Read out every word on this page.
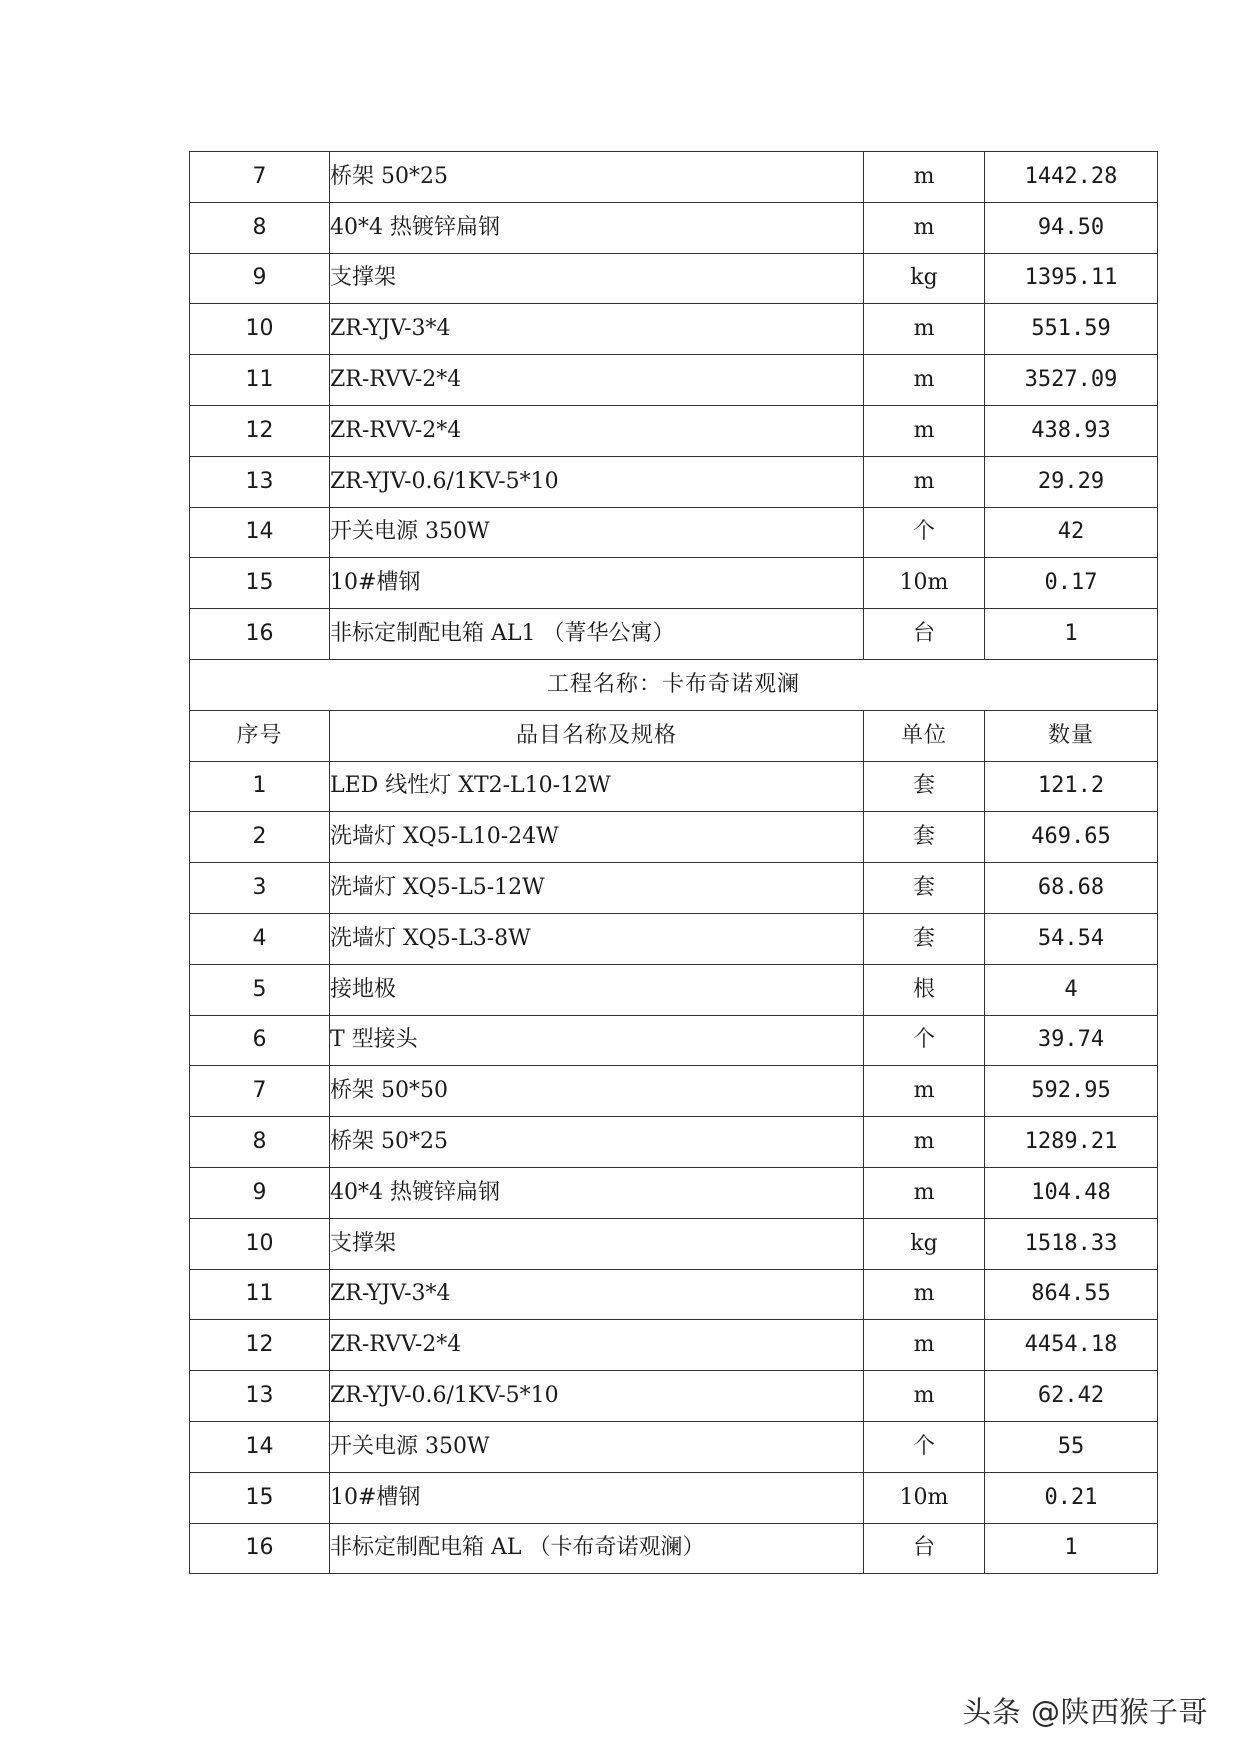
7	桥架 50*25	m	1442.28
8	40*4 热镀锌扁钢	m	94.50
9	支撑架	kg	1395.11
10	ZR-YJV-3*4	m	551.59
11	ZR-RVV-2*4	m	3527.09
12	ZR-RVV-2*4	m	438.93
13	ZR-YJV-0.6/1KV-5*10	m	29.29
14	开关电源 350W	个	42
15	10#槽钢	10m	0.17
16	非标定制配电箱 AL1 （菁华公寓）	台	1
工程名称：卡布奇诺观澜			
序号	品目名称及规格	单位	数量
1	LED 线性灯 XT2-L10-12W	套	121.2
2	洗墙灯 XQ5-L10-24W	套	469.65
3	洗墙灯 XQ5-L5-12W	套	68.68
4	洗墙灯 XQ5-L3-8W	套	54.54
5	接地极	根	4
6	T 型接头	个	39.74
7	桥架 50*50	m	592.95
8	桥架 50*25	m	1289.21
9	40*4 热镀锌扁钢	m	104.48
10	支撑架	kg	1518.33
11	ZR-YJV-3*4	m	864.55
12	ZR-RVV-2*4	m	4454.18
13	ZR-YJV-0.6/1KV-5*10	m	62.42
14	开关电源 350W	个	55
15	10#槽钢	10m	0.21
16	非标定制配电箱 AL （卡布奇诺观澜）	台	1
头条 @陕西猴子哥
